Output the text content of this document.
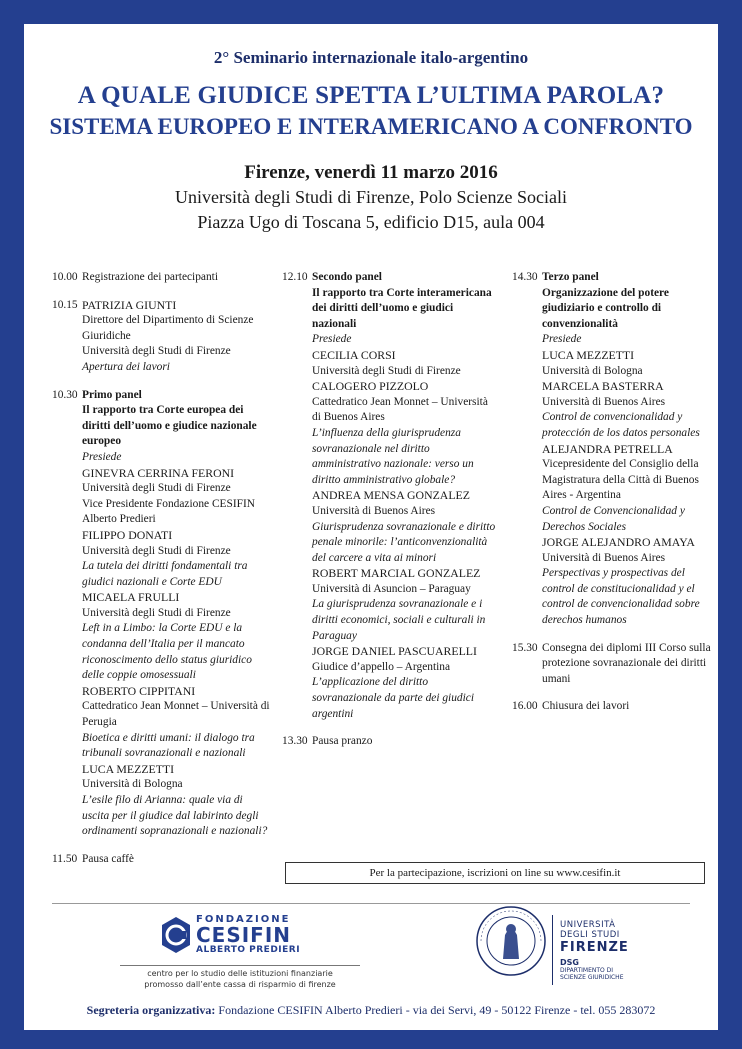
2° Seminario internazionale italo-argentino
A QUALE GIUDICE SPETTA L’ULTIMA PAROLA?
SISTEMA EUROPEO E INTERAMERICANO A CONFRONTO
Firenze, venerdì 11 marzo 2016
Università degli Studi di Firenze, Polo Scienze Sociali
Piazza Ugo di Toscana 5, edificio D15, aula 004
10.00 Registrazione dei partecipanti
10.15 PATRIZIA GIUNTI
Direttore del Dipartimento di Scienze Giuridiche
Università degli Studi di Firenze
Apertura dei lavori
10.30 Primo panel
Il rapporto tra Corte europea dei diritti dell’uomo e giudice nazionale europeo
Presiede
GINEVRA CERRINA FERONI
Università degli Studi di Firenze
Vice Presidente Fondazione CESIFIN Alberto Predieri
FILIPPO DONATI
Università degli Studi di Firenze
La tutela dei diritti fondamentali tra giudici nazionali e Corte EDU
MICAELA FRULLI
Università degli Studi di Firenze
Left in a Limbo: la Corte EDU e la condanna dell’Italia per il mancato riconoscimento dello status giuridico delle coppie omosessuali
ROBERTO CIPPITANI
Cattedratico Jean Monnet – Università di Perugia
Bioetica e diritti umani: il dialogo tra tribunali sovranazionali e nazionali
LUCA MEZZETTI
Università di Bologna
L’esile filo di Arianna: quale via di uscita per il giudice dal labirinto degli ordinamenti sopranazionali e nazionali?
11.50 Pausa caffè
12.10 Secondo panel
Il rapporto tra Corte interamericana dei diritti dell’uomo e giudici nazionali
Presiede
CECILIA CORSI
Università degli Studi di Firenze
CALOGERO PIZZOLO
Cattedratico Jean Monnet – Università di Buenos Aires
L’influenza della giurisprudenza sovranazionale nel diritto amministrativo nazionale: verso un diritto amministrativo globale?
ANDREA MENSA GONZALEZ
Università di Buenos Aires
Giurisprudenza sovranazionale e diritto penale minorile: l’anticonvenzionalità del carcere a vita ai minori
ROBERT MARCIAL GONZALEZ
Università di Asuncion – Paraguay
La giurisprudenza sovranazionale e i diritti economici, sociali e culturali in Paraguay
JORGE DANIEL PASCUARELLI
Giudice d’appello – Argentina
L’applicazione del diritto sovranazionale da parte dei giudici argentini
13.30 Pausa pranzo
14.30 Terzo panel
Organizzazione del potere giudiziario e controllo di convenzionalità
Presiede
LUCA MEZZETTI
Università di Bologna
MARCELA BASTERRA
Università di Buenos Aires
Control de convencionalidad y protección de los datos personales
ALEJANDRA PETRELLA
Vicepresidente del Consiglio della Magistratura della Città di Buenos Aires - Argentina
Control de Convencionalidad y Derechos Sociales
JORGE ALEJANDRO AMAYA
Università di Buenos Aires
Perspectivas y prospectivas del control de constitucionalidad y el control de convencionalidad sobre derechos humanos
15.30 Consegna dei diplomi III Corso sulla protezione sovranazionale dei diritti umani
16.00 Chiusura dei lavori
Per la partecipazione, iscrizioni on line su www.cesifin.it
FONDAZIONE
CESIFIN
ALBERTO PREDIERI
centro per lo studio delle istituzioni finanziarie
promosso dall’ente cassa di risparmio di firenze
UNIVERSITÀ
DEGLI STUDI
FIRENZE
DSG
DIPARTIMENTO DI
SCIENZE GIURIDICHE
Segreteria organizzativa: Fondazione CESIFIN Alberto Predieri - via dei Servi, 49 - 50122 Firenze - tel. 055 283072
